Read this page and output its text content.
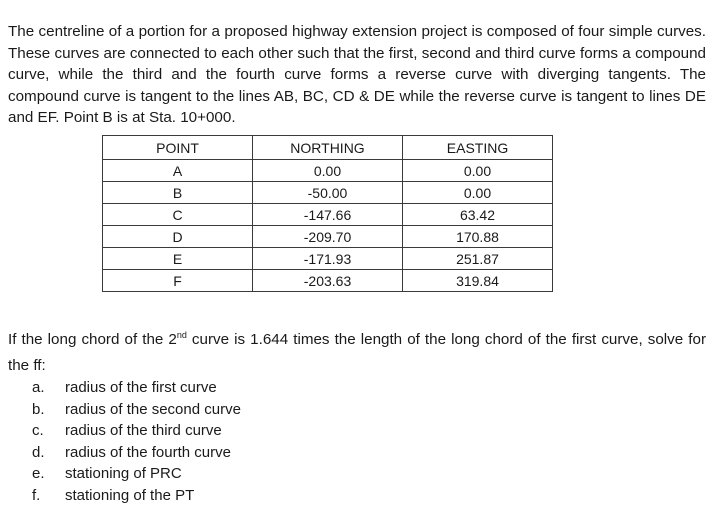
The centreline of a portion for a proposed highway extension project is composed of four simple curves. These curves are connected to each other such that the first, second and third curve forms a compound curve, while the third and the fourth curve forms a reverse curve with diverging tangents. The compound curve is tangent to the lines AB, BC, CD & DE while the reverse curve is tangent to lines DE and EF. Point B is at Sta. 10+000.

POINT	NORTHING	EASTING
A	0.00	0.00
B	-50.00	0.00
C	-147.66	63.42
D	-209.70	170.88
E	-171.93	251.87
F	-203.63	319.84

If the long chord of the 2nd curve is 1.644 times the length of the long chord of the first curve, solve for the ff:

a.	radius of the first curve
b.	radius of the second curve
c.	radius of the third curve
d.	radius of the fourth curve
e.	stationing of PRC
f.	stationing of the PT
